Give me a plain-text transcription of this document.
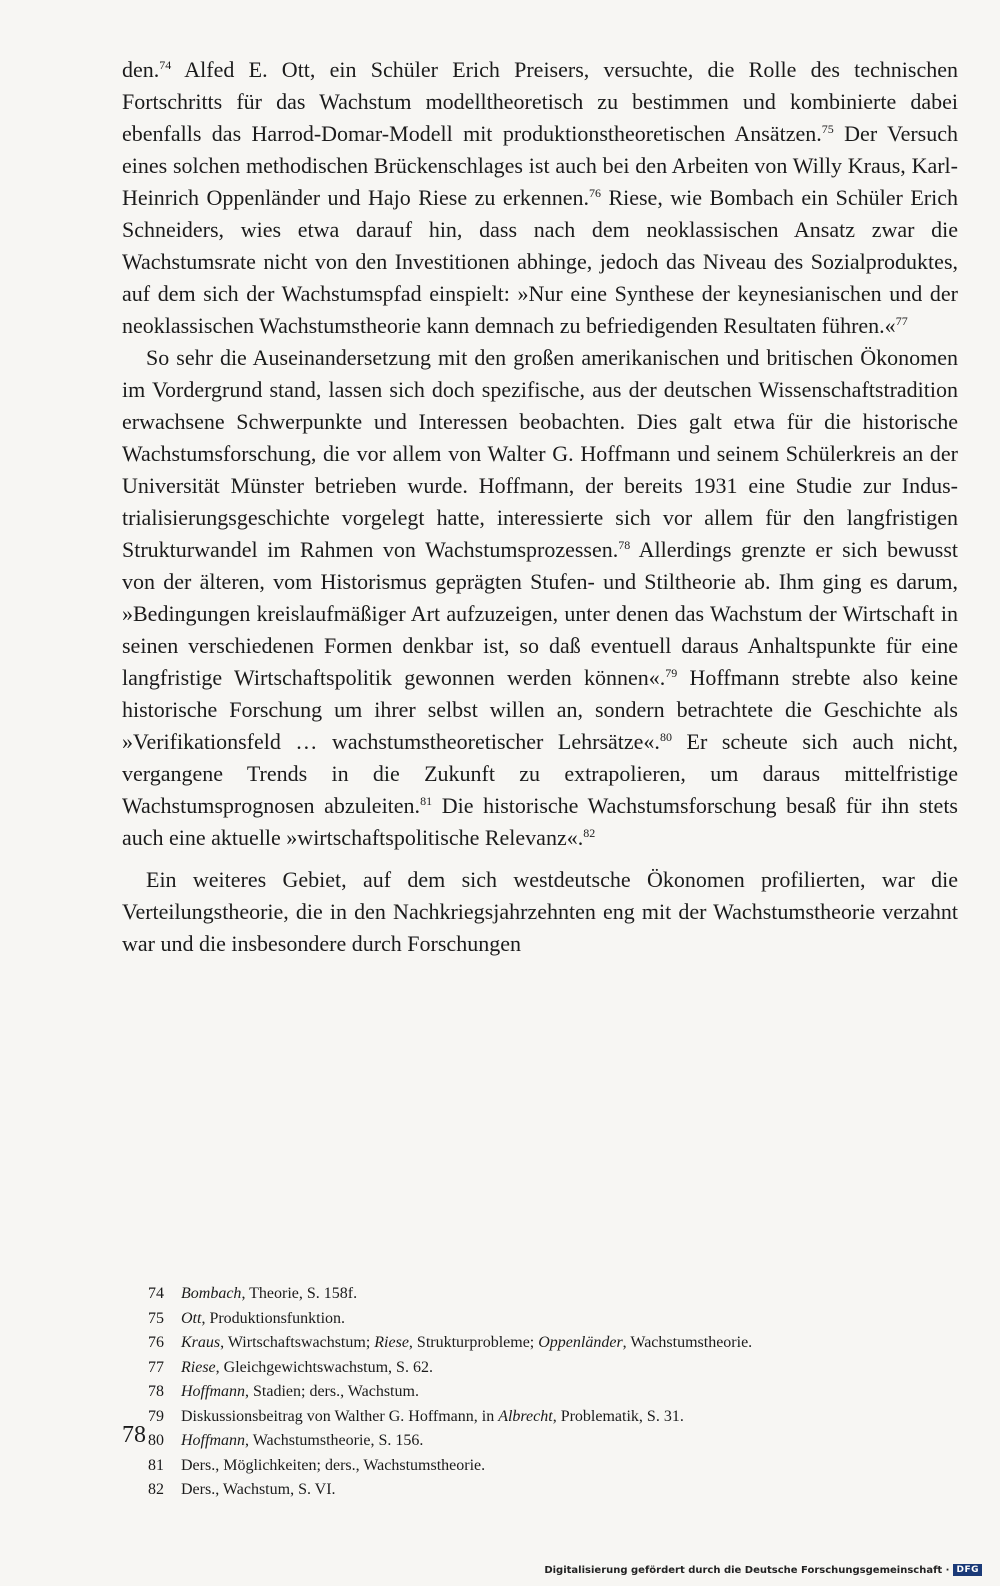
den.$^{74}$ Alfed E. Ott, ein Schüler Erich Preisers, versuchte, die Rolle des technischen Fortschritts für das Wachstum modelltheoretisch zu bestimmen und kombinierte dabei ebenfalls das Harrod-Domar-Modell mit produktionstheoretischen Ansätzen.$^{75}$ Der Versuch eines solchen methodischen Brückenschlages ist auch bei den Arbeiten von Willy Kraus, Karl-Heinrich Oppenländer und Hajo Riese zu erkennen.$^{76}$ Riese, wie Bombach ein Schüler Erich Schneiders, wies etwa darauf hin, dass nach dem neoklassischen Ansatz zwar die Wachstumsrate nicht von den Investitionen abhinge, jedoch das Niveau des Sozialproduktes, auf dem sich der Wachstumspfad einspielt: »Nur eine Synthese der keynesianischen und der neoklassischen Wachstumstheorie kann demnach zu befriedigenden Resultaten führen.«$^{77}$

So sehr die Auseinandersetzung mit den großen amerikanischen und britischen Ökonomen im Vordergrund stand, lassen sich doch spezifische, aus der deutschen Wissenschaftstradition erwachsene Schwerpunkte und Interessen beobachten. Dies galt etwa für die historische Wachstumsforschung, die vor allem von Walter G. Hoffmann und seinem Schülerkreis an der Universität Münster betrieben wurde. Hoffmann, der bereits 1931 eine Studie zur Industrialisierungsgeschichte vorgelegt hatte, interessierte sich vor allem für den langfristigen Strukturwandel im Rahmen von Wachstumsprozessen.$^{78}$ Allerdings grenzte er sich bewusst von der älteren, vom Historismus geprägten Stufen- und Stiltheorie ab. Ihm ging es darum, »Bedingungen kreislaufmäßiger Art aufzuzeigen, unter denen das Wachstum der Wirtschaft in seinen verschiedenen Formen denkbar ist, so daß eventuell daraus Anhaltspunkte für eine langfristige Wirtschaftspolitik gewonnen werden können«.$^{79}$ Hoffmann strebte also keine historische Forschung um ihrer selbst willen an, sondern betrachtete die Geschichte als »Verifikationsfeld … wachstumstheoretischer Lehrsätze«.$^{80}$ Er scheute sich auch nicht, vergangene Trends in die Zukunft zu extrapolieren, um daraus mittelfristige Wachstumsprognosen abzuleiten.$^{81}$ Die historische Wachstumsforschung besaß für ihn stets auch eine aktuelle »wirtschaftspolitische Relevanz«.$^{82}$

Ein weiteres Gebiet, auf dem sich westdeutsche Ökonomen profilierten, war die Verteilungstheorie, die in den Nachkriegsjahrzehnten eng mit der Wachstumstheorie verzahnt war und die insbesondere durch Forschungen

74 Bombach, Theorie, S. 158f.
75 Ott, Produktionsfunktion.
76 Kraus, Wirtschaftswachstum; Riese, Strukturprobleme; Oppenländer, Wachstumstheorie.
77 Riese, Gleichgewichtswachstum, S. 62.
78 Hoffmann, Stadien; ders., Wachstum.
79 Diskussionsbeitrag von Walther G. Hoffmann, in Albrecht, Problematik, S. 31.
80 Hoffmann, Wachstumstheorie, S. 156.
81 Ders., Möglichkeiten; ders., Wachstumstheorie.
82 Ders., Wachstum, S. VI.
78
Digitalisierung gefördert durch die Deutsche Forschungsgemeinschaft · DFG
